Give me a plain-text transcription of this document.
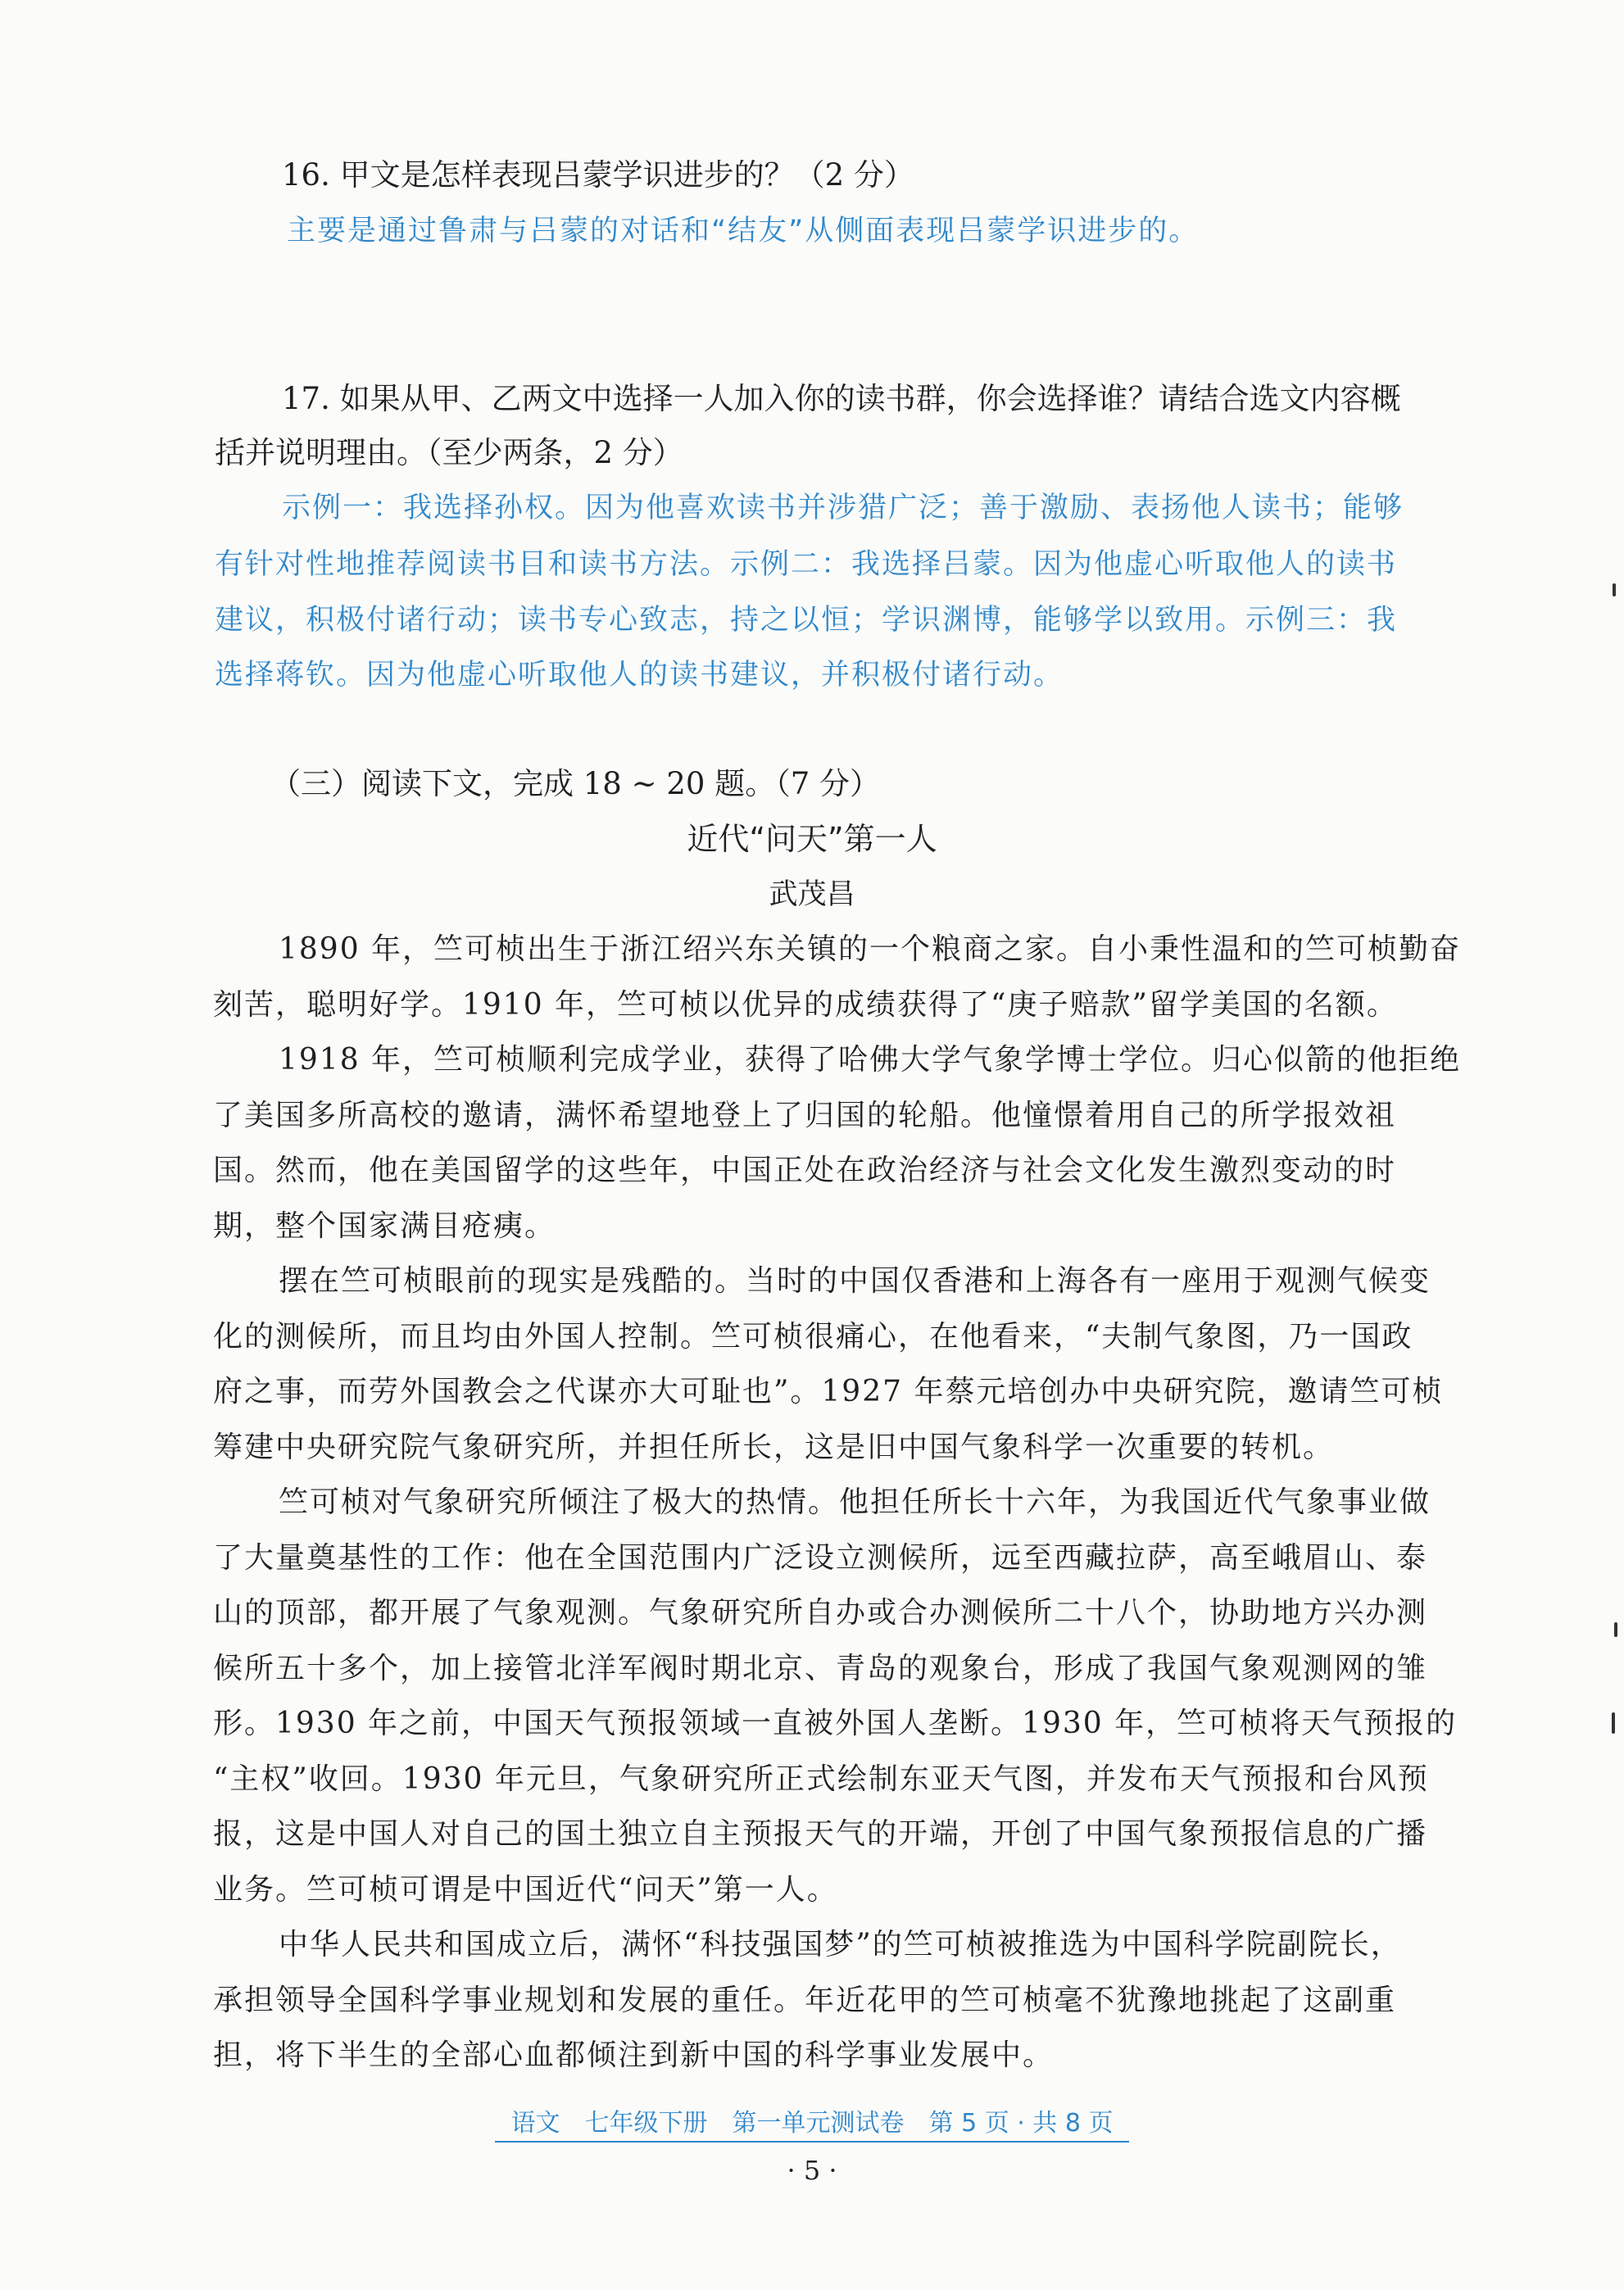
16. 甲文是怎样表现吕蒙学识进步的？（2 分）
主要是通过鲁肃与吕蒙的对话和“结友”从侧面表现吕蒙学识进步的。
17. 如果从甲、乙两文中选择一人加入你的读书群，你会选择谁？请结合选文内容概
括并说明理由。（至少两条，2 分）
示例一：我选择孙权。因为他喜欢读书并涉猎广泛；善于激励、表扬他人读书；能够
有针对性地推荐阅读书目和读书方法。示例二：我选择吕蒙。因为他虚心听取他人的读书
建议，积极付诸行动；读书专心致志，持之以恒；学识渊博，能够学以致用。示例三：我
选择蒋钦。因为他虚心听取他人的读书建议，并积极付诸行动。
（三）阅读下文，完成 18 ~ 20 题。（7 分）
近代“问天”第一人
武茂昌
1890 年，竺可桢出生于浙江绍兴东关镇的一个粮商之家。自小秉性温和的竺可桢勤奋
刻苦，聪明好学。1910 年，竺可桢以优异的成绩获得了“庚子赔款”留学美国的名额。
1918 年，竺可桢顺利完成学业，获得了哈佛大学气象学博士学位。归心似箭的他拒绝
了美国多所高校的邀请，满怀希望地登上了归国的轮船。他憧憬着用自己的所学报效祖
国。然而，他在美国留学的这些年，中国正处在政治经济与社会文化发生激烈变动的时
期，整个国家满目疮痍。
摆在竺可桢眼前的现实是残酷的。当时的中国仅香港和上海各有一座用于观测气候变
化的测候所，而且均由外国人控制。竺可桢很痛心，在他看来，“夫制气象图，乃一国政
府之事，而劳外国教会之代谋亦大可耻也”。1927 年蔡元培创办中央研究院，邀请竺可桢
筹建中央研究院气象研究所，并担任所长，这是旧中国气象科学一次重要的转机。
竺可桢对气象研究所倾注了极大的热情。他担任所长十六年，为我国近代气象事业做
了大量奠基性的工作：他在全国范围内广泛设立测候所，远至西藏拉萨，高至峨眉山、泰
山的顶部，都开展了气象观测。气象研究所自办或合办测候所二十八个，协助地方兴办测
候所五十多个，加上接管北洋军阀时期北京、青岛的观象台，形成了我国气象观测网的雏
形。1930 年之前，中国天气预报领域一直被外国人垄断。1930 年，竺可桢将天气预报的
“主权”收回。1930 年元旦，气象研究所正式绘制东亚天气图，并发布天气预报和台风预
报，这是中国人对自己的国土独立自主预报天气的开端，开创了中国气象预报信息的广播
业务。竺可桢可谓是中国近代“问天”第一人。
中华人民共和国成立后，满怀“科技强国梦”的竺可桢被推选为中国科学院副院长，
承担领导全国科学事业规划和发展的重任。年近花甲的竺可桢毫不犹豫地挑起了这副重
担，将下半生的全部心血都倾注到新中国的科学事业发展中。
语文　七年级下册　第一单元测试卷　第 5 页 · 共 8 页
· 5 ·
